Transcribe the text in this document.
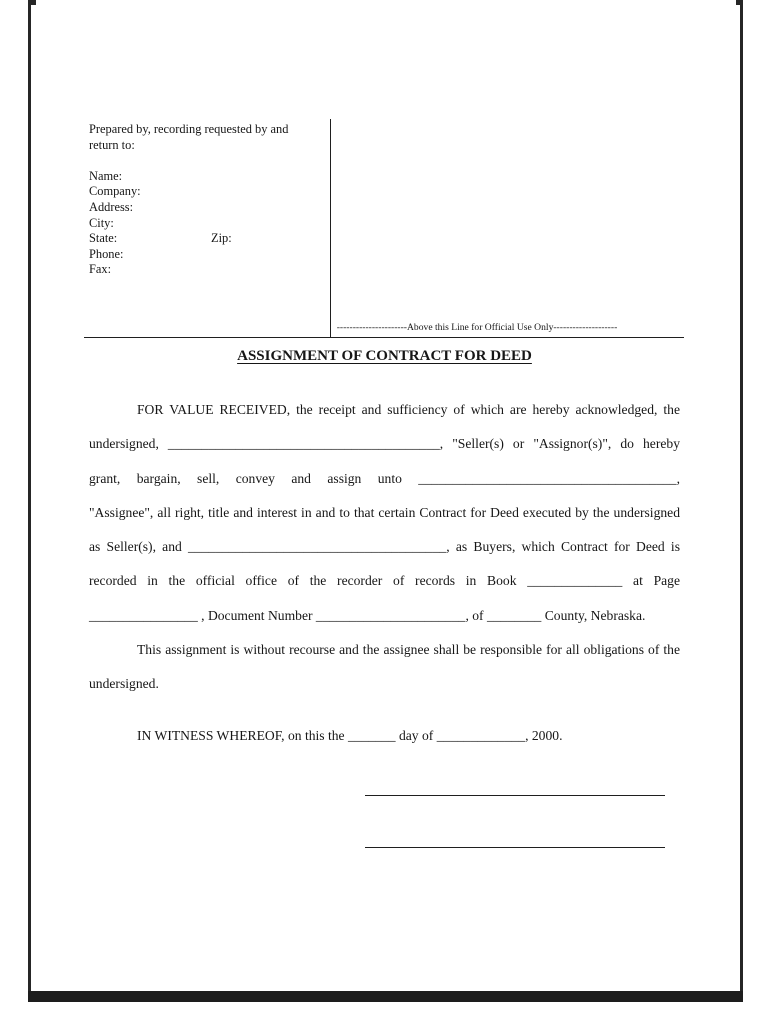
Prepared by, recording requested by and
return to:
Name:
Company:
Address:
City:
State:	Zip:
Phone:
Fax:
----------------------Above this Line for Official Use Only--------------------
ASSIGNMENT OF CONTRACT FOR DEED
FOR VALUE RECEIVED, the receipt and sufficiency of which are hereby acknowledged, the
undersigned, ________________________________________, "Seller(s) or "Assignor(s)", do hereby
grant, bargain, sell, convey and assign unto ______________________________________,
"Assignee", all right, title and interest in and to that certain Contract for Deed executed by the undersigned
as Seller(s), and ______________________________________, as Buyers, which Contract for Deed is
recorded in the official office of the recorder of records in Book ______________ at Page
________________ , Document Number ______________________, of ________ County, Nebraska.
This assignment is without recourse and the assignee shall be responsible for all obligations of the
undersigned.
IN WITNESS WHEREOF, on this the _______ day of _____________, 2000.
